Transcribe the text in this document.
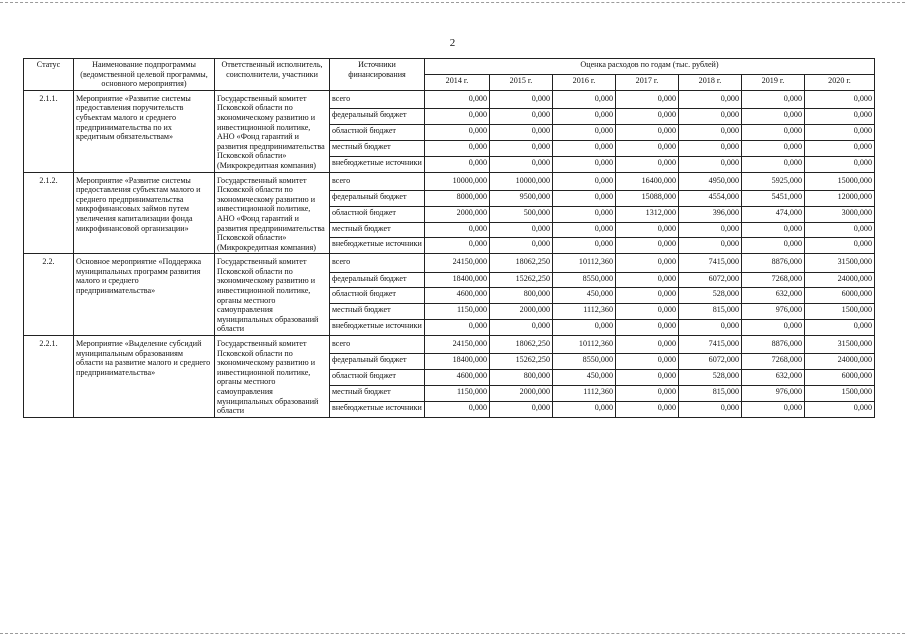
2
Статус	Наименование подпрограммы (ведомственной целевой программы, основного мероприятия)	Ответственный исполнитель, соисполнители, участники	Источники финансирования	Оценка расходов по годам (тыс. рублей)						
				2014 г.	2015 г.	2016 г.	2017 г.	2018 г.	2019 г.	2020 г.
2.1.1.	Мероприятие «Развитие системы предоставления поручительств субъектам малого и среднего предпринимательства по их кредитным обязательствам»	Государственный комитет Псковской области по экономическому развитию и инвестиционной политике, АНО «Фонд гарантий и развития предпринимательства Псковской области» (Микрокредитная компания)	всего	0,000	0,000	0,000	0,000	0,000	0,000	0,000
			федеральный бюджет	0,000	0,000	0,000	0,000	0,000	0,000	0,000
			областной бюджет	0,000	0,000	0,000	0,000	0,000	0,000	0,000
			местный бюджет	0,000	0,000	0,000	0,000	0,000	0,000	0,000
			внебюджетные источники	0,000	0,000	0,000	0,000	0,000	0,000	0,000
2.1.2.	Мероприятие «Развитие системы предоставления субъектам малого и среднего предпринимательства микрофинансовых займов путем увеличения капитализации фонда микрофинансовой организации»	Государственный комитет Псковской области по экономическому развитию и инвестиционной политике, АНО «Фонд гарантий и развития предпринимательства Псковской области» (Микрокредитная компания)	всего	10000,000	10000,000	0,000	16400,000	4950,000	5925,000	15000,000
			федеральный бюджет	8000,000	9500,000	0,000	15088,000	4554,000	5451,000	12000,000
			областной бюджет	2000,000	500,000	0,000	1312,000	396,000	474,000	3000,000
			местный бюджет	0,000	0,000	0,000	0,000	0,000	0,000	0,000
			внебюджетные источники	0,000	0,000	0,000	0,000	0,000	0,000	0,000
2.2.	Основное мероприятие «Поддержка муниципальных программ развития малого и среднего предпринимательства»	Государственный комитет Псковской области по экономическому развитию и инвестиционной политике, органы местного самоуправления муниципальных образований области	всего	24150,000	18062,250	10112,360	0,000	7415,000	8876,000	31500,000
			федеральный бюджет	18400,000	15262,250	8550,000	0,000	6072,000	7268,000	24000,000
			областной бюджет	4600,000	800,000	450,000	0,000	528,000	632,000	6000,000
			местный бюджет	1150,000	2000,000	1112,360	0,000	815,000	976,000	1500,000
			внебюджетные источники	0,000	0,000	0,000	0,000	0,000	0,000	0,000
2.2.1.	Мероприятие «Выделение субсидий муниципальным образованиям области на развитие малого и среднего предпринимательства»	Государственный комитет Псковской области по экономическому развитию и инвестиционной политике, органы местного самоуправления муниципальных образований области	всего	24150,000	18062,250	10112,360	0,000	7415,000	8876,000	31500,000
			федеральный бюджет	18400,000	15262,250	8550,000	0,000	6072,000	7268,000	24000,000
			областной бюджет	4600,000	800,000	450,000	0,000	528,000	632,000	6000,000
			местный бюджет	1150,000	2000,000	1112,360	0,000	815,000	976,000	1500,000
			внебюджетные источники	0,000	0,000	0,000	0,000	0,000	0,000	0,000
